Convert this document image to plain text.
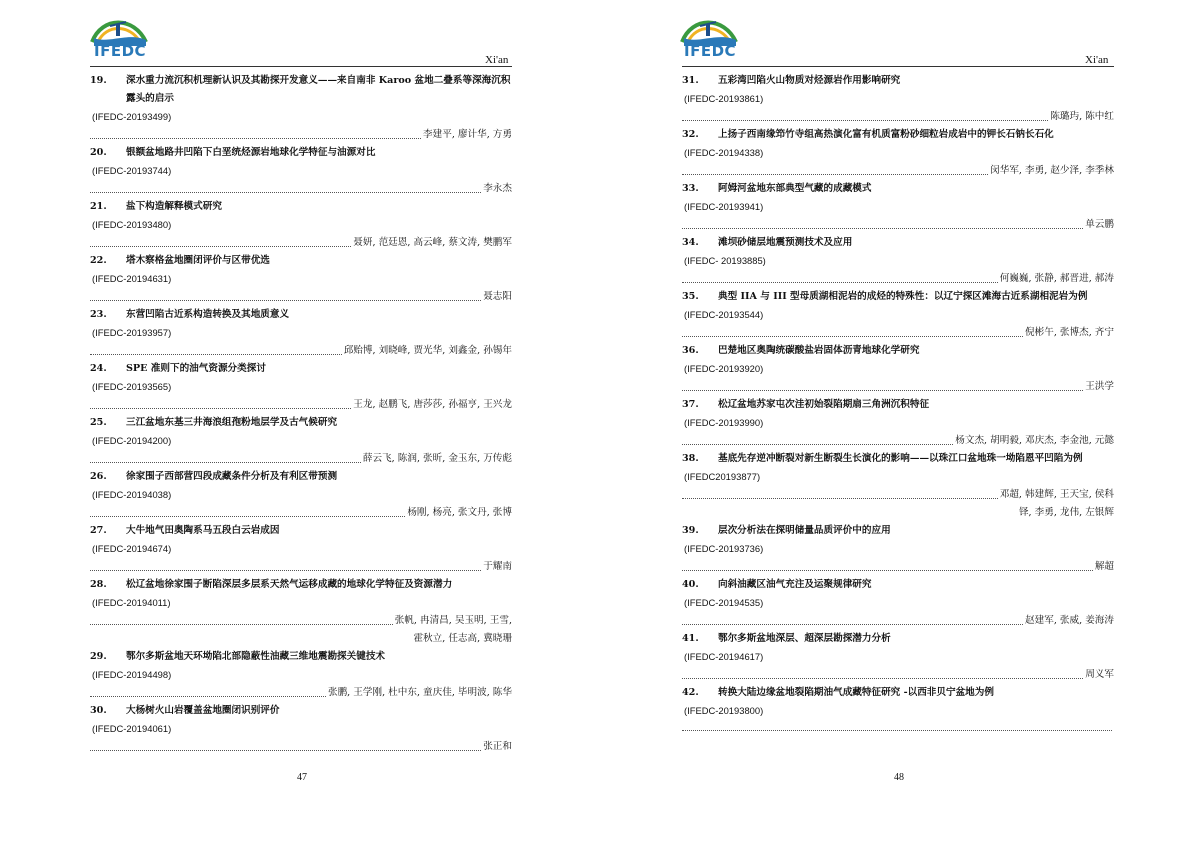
IFEDC	Xi'an
19.	深水重力流沉积机理新认识及其勘探开发意义——来自南非 Karoo 盆地二叠系等深海沉积露头的启示
(IFEDC-20193499)
李建平, 廖计华, 方勇
20.	银额盆地路井凹陷下白垩统烃源岩地球化学特征与油源对比
(IFEDC-20193744)
李永杰
21.	盐下构造解释模式研究
(IFEDC-20193480)
聂妍, 范廷恩, 高云峰, 蔡文涛, 樊鹏军
22.	塔木察格盆地圈闭评价与区带优选
(IFEDC-20194631)
聂志阳
23.	东营凹陷古近系构造转换及其地质意义
(IFEDC-20193957)
邱贻博, 刘晓峰, 贾光华, 刘鑫金, 孙锡年
24.	SPE 准则下的油气资源分类探讨
(IFEDC-20193565)
王龙, 赵鹏飞, 唐莎莎, 孙福亨, 王兴龙
25.	三江盆地东基三井海浪组孢粉地层学及古气候研究
(IFEDC-20194200)
薛云飞, 陈润, 张昕, 金玉东, 万传彪
26.	徐家围子西部营四段成藏条件分析及有利区带预测
(IFEDC-20194038)
杨刚, 杨亮, 张文丹, 张博
27.	大牛地气田奥陶系马五段白云岩成因
(IFEDC-20194674)
于耀南
28.	松辽盆地徐家围子断陷深层多层系天然气运移成藏的地球化学特征及资源潜力
(IFEDC-20194011)
张帆, 冉清昌, 吴玉明, 王雪,
霍秋立, 任志高, 冀晓珊
29.	鄂尔多斯盆地天环坳陷北部隐蔽性油藏三维地震勘探关键技术
(IFEDC-20194498)
张鹏, 王学刚, 杜中东, 童庆佳, 毕明波, 陈华
30.	大杨树火山岩覆盖盆地圈闭识别评价
(IFEDC-20194061)
张正和
47
IFEDC	Xi'an
31.	五彩湾凹陷火山物质对烃源岩作用影响研究
(IFEDC-20193861)
陈璐玙, 陈中红
32.	上扬子西南缘笻竹寺组高热演化富有机质富粉砂细粒岩成岩中的钾长石钠长石化
(IFEDC-20194338)
闵华军, 李勇, 赵少泽, 李季林
33.	阿姆河盆地东部典型气藏的成藏模式
(IFEDC-20193941)
单云鹏
34.	滩坝砂储层地震预测技术及应用
(IFEDC- 20193885)
何巍巍, 张静, 郝晋进, 郝涛
35.	典型 IIA 与 III 型母质湖相泥岩的成烃的特殊性：以辽宁探区滩海古近系湖相泥岩为例
(IFEDC-20193544)
倪彬午, 张博杰, 齐宁
36.	巴楚地区奥陶统碳酸盐岩固体沥青地球化学研究
(IFEDC-20193920)
王洪学
37.	松辽盆地苏家屯次洼初始裂陷期扇三角洲沉积特征
(IFEDC-20193990)
杨文杰, 胡明毅, 邓庆杰, 李金池, 元懿
38.	基底先存逆冲断裂对新生断裂生长演化的影响——以珠江口盆地珠一坳陷恩平凹陷为例
(IFEDC20193877)
邓超, 韩建辉, 王天宝, 侯科
铎, 李勇, 龙伟, 左银辉
39.	层次分析法在探明储量品质评价中的应用
(IFEDC-20193736)
解超
40.	向斜油藏区油气充注及运聚规律研究
(IFEDC-20194535)
赵建军, 张威, 姜海涛
41.	鄂尔多斯盆地深层、超深层勘探潜力分析
(IFEDC-20194617)
周义军
42.	转换大陆边缘盆地裂陷期油气成藏特征研究 -以西非贝宁盆地为例
(IFEDC-20193800)
48
